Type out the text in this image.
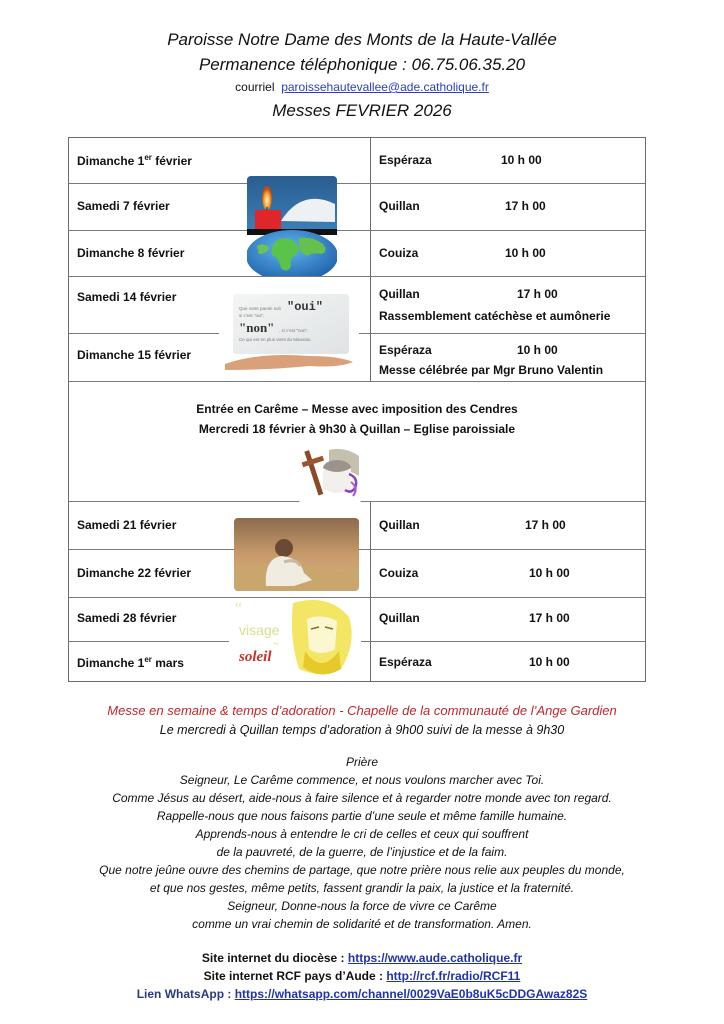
Paroisse Notre Dame des Monts de la Haute-Vallée
Permanence téléphonique : 06.75.06.35.20
courriel paroissehautevallee@ade.catholique.fr
Messes FEVRIER 2026
Dimanche 1er février	Espéraza	10 h 00
Samedi 7 février	Quillan	17 h 00
Dimanche 8 février	Couiza	10 h 00
Samedi 14 février	Quillan	17 h 00
Rassemblement catéchèse et aumônerie
Dimanche 15 février	Espéraza	10 h 00
Messe célébrée par Mgr Bruno Valentin
Entrée en Carême – Messe avec imposition des Cendres
Mercredi 18 février à 9h30 à Quillan – Eglise paroissiale
Samedi 21 février	Quillan	17 h 00
Dimanche 22 février	Couiza	10 h 00
Samedi 28 février	Quillan	17 h 00
Dimanche 1er mars	Espéraza	10 h 00
Que votre parole soit "oui"
si c'est "oui",
"non" , si c'est "non".
Ce qui est en plus vient du Mauvais.
“
visage
soleil
~
Messe en semaine & temps d’adoration - Chapelle de la communauté de l’Ange Gardien
Le mercredi à Quillan temps d’adoration à 9h00 suivi de la messe à 9h30
Prière
Seigneur, Le Carême commence, et nous voulons marcher avec Toi.
Comme Jésus au désert, aide-nous à faire silence et à regarder notre monde avec ton regard.
Rappelle-nous que nous faisons partie d’une seule et même famille humaine.
Apprends-nous à entendre le cri de celles et ceux qui souffrent
de la pauvreté, de la guerre, de l’injustice et de la faim.
Que notre jeûne ouvre des chemins de partage, que notre prière nous relie aux peuples du monde,
et que nos gestes, même petits, fassent grandir la paix, la justice et la fraternité.
Seigneur, Donne-nous la force de vivre ce Carême
comme un vrai chemin de solidarité et de transformation. Amen.
Site internet du diocèse : https://www.aude.catholique.fr
Site internet RCF pays d’Aude : http://rcf.fr/radio/RCF11
Lien WhatsApp : https://whatsapp.com/channel/0029VaE0b8uK5cDDGAwaz82S
